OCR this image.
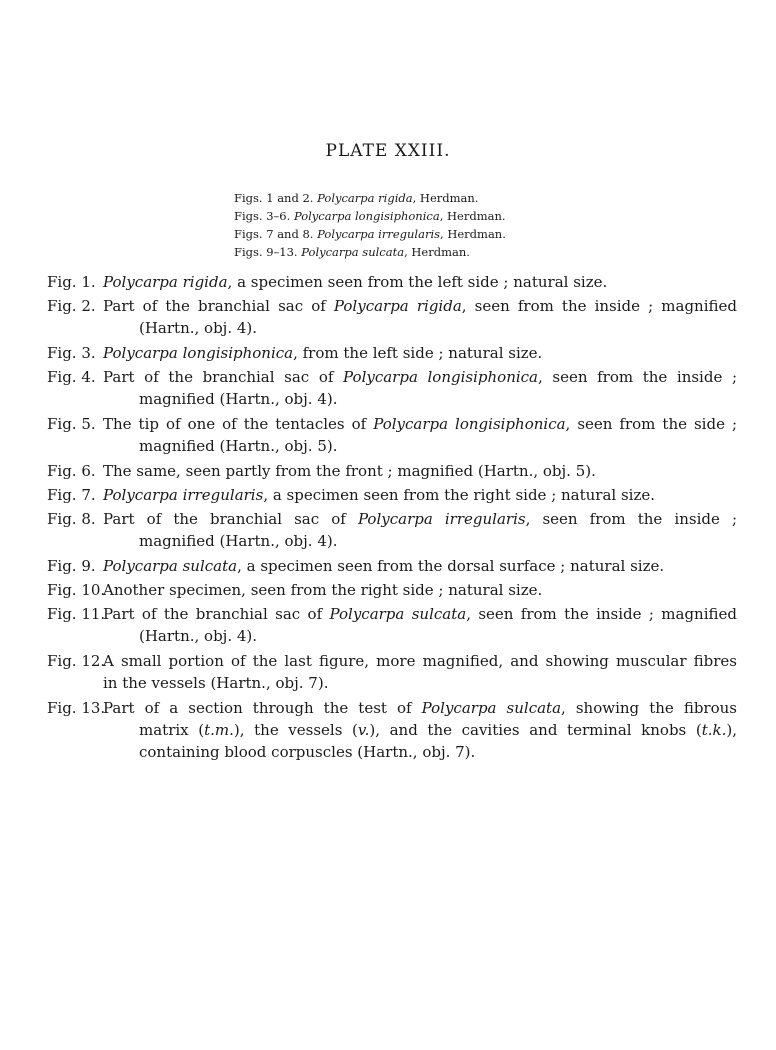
PLATE XXIII.
Figs. 1 and 2. Polycarpa rigida, Herdman.
Figs. 3–6. Polycarpa longisiphonica, Herdman.
Figs. 7 and 8. Polycarpa irregularis, Herdman.
Figs. 9–13. Polycarpa sulcata, Herdman.
Fig. 1. Polycarpa rigida, a specimen seen from the left side ; natural size.
Fig. 2. Part of the branchial sac of Polycarpa rigida, seen from the inside ; magnified
(Hartn., obj. 4).
Fig. 3. Polycarpa longisiphonica, from the left side ; natural size.
Fig. 4. Part of the branchial sac of Polycarpa longisiphonica, seen from the inside ;
magnified (Hartn., obj. 4).
Fig. 5. The tip of one of the tentacles of Polycarpa longisiphonica, seen from the side ;
magnified (Hartn., obj. 5).
Fig. 6. The same, seen partly from the front ; magnified (Hartn., obj. 5).
Fig. 7. Polycarpa irregularis, a specimen seen from the right side ; natural size.
Fig. 8. Part of the branchial sac of Polycarpa irregularis, seen from the inside ;
magnified (Hartn., obj. 4).
Fig. 9. Polycarpa sulcata, a specimen seen from the dorsal surface ; natural size.
Fig. 10.
Another specimen, seen from the right side ; natural size.
Fig. 11.
Part of the branchial sac of Polycarpa sulcata, seen from the inside ; magnified
(Hartn., obj. 4).
Fig. 12.
A small portion of the last figure, more magnified, and showing muscular fibres
in the vessels (Hartn., obj. 7).
Fig. 13.
Part of a section through the test of Polycarpa sulcata, showing the fibrous
matrix (t.m.), the vessels (v.), and the cavities and terminal knobs (t.k.),
containing blood corpuscles (Hartn., obj. 7).
